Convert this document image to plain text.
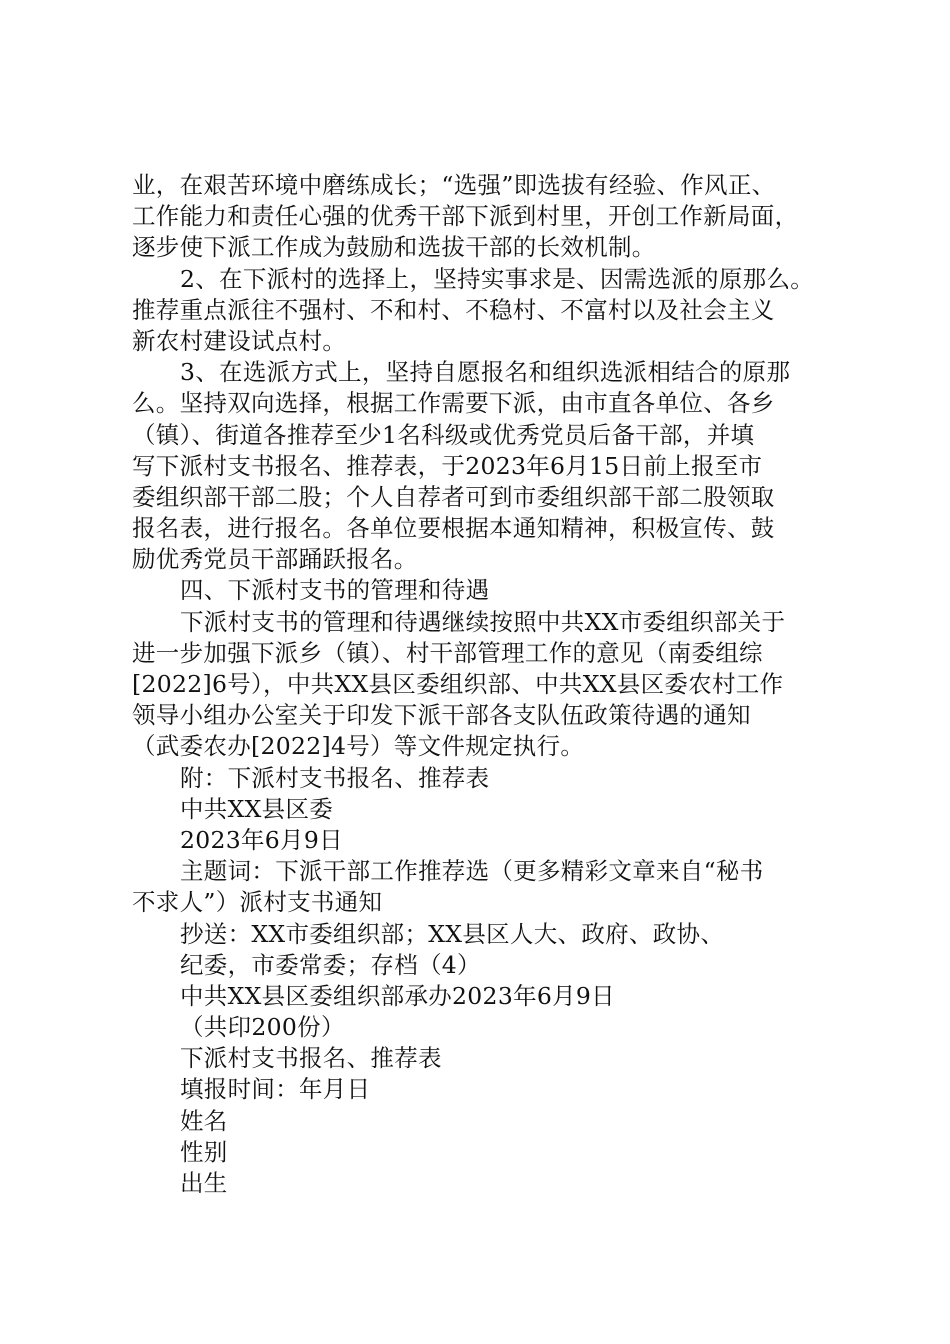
业，在艰苦环境中磨练成长；“选强”即选拔有经验、作风正、
工作能力和责任心强的优秀干部下派到村里，开创工作新局面，
逐步使下派工作成为鼓励和选拔干部的长效机制。
2、在下派村的选择上，坚持实事求是、因需选派的原那么。
推荐重点派往不强村、不和村、不稳村、不富村以及社会主义
新农村建设试点村。
3、在选派方式上，坚持自愿报名和组织选派相结合的原那
么。坚持双向选择，根据工作需要下派，由市直各单位、各乡
（镇）、街道各推荐至少1名科级或优秀党员后备干部，并填
写下派村支书报名、推荐表，于2023年6月15日前上报至市
委组织部干部二股；个人自荐者可到市委组织部干部二股领取
报名表，进行报名。各单位要根据本通知精神，积极宣传、鼓
励优秀党员干部踊跃报名。
四、下派村支书的管理和待遇
下派村支书的管理和待遇继续按照中共XX市委组织部关于
进一步加强下派乡（镇）、村干部管理工作的意见（南委组综
[2022]6号），中共XX县区委组织部、中共XX县区委农村工作
领导小组办公室关于印发下派干部各支队伍政策待遇的通知
（武委农办[2022]4号）等文件规定执行。
附：下派村支书报名、推荐表
中共XX县区委
2023年6月9日
主题词：下派干部工作推荐选（更多精彩文章来自“秘书
不求人”）派村支书通知
抄送：XX市委组织部；XX县区人大、政府、政协、
纪委，市委常委；存档（4）
中共XX县区委组织部承办2023年6月9日
（共印200份）
下派村支书报名、推荐表
填报时间：年月日
姓名
性别
出生
